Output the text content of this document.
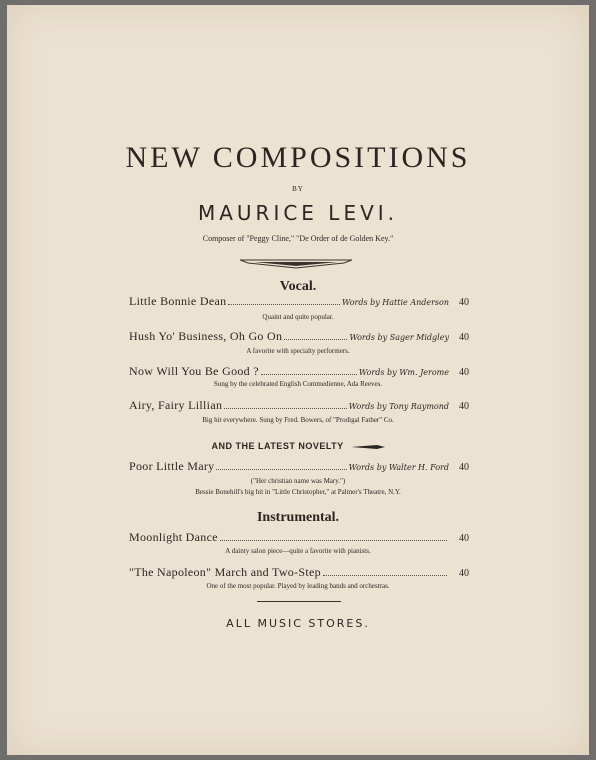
NEW COMPOSITIONS
BY
MAURICE LEVI.
Composer of "Peggy Cline," "De Order of de Golden Key."
Vocal.
Little Bonnie Dean	Words by Hattie Anderson 40
Quaint and quite popular.
Hush Yo' Business, Oh Go On	Words by Sager Midgley 40
A favorite with specialty performers.
Now Will You Be Good ?	Words by Wm. Jerome 40
Sung by the celebrated English Commedienne, Ada Reeves.
Airy, Fairy Lillian	Words by Tony Raymond 40
Big hit everywhere. Sung by Fred. Bowers, of "Prodigal Father" Co.
AND THE LATEST NOVELTY
Poor Little Mary	Words by Walter H. Ford 40
("Her christian name was Mary.")
Bessie Bonehill's big hit in "Little Christopher," at Palmer's Theatre, N.Y.
Instrumental.
Moonlight Dance	40
A dainty salon piece—quite a favorite with pianists.
"The Napoleon" March and Two-Step	40
One of the most popular. Played by leading bands and orchestras.
ALL MUSIC STORES.
